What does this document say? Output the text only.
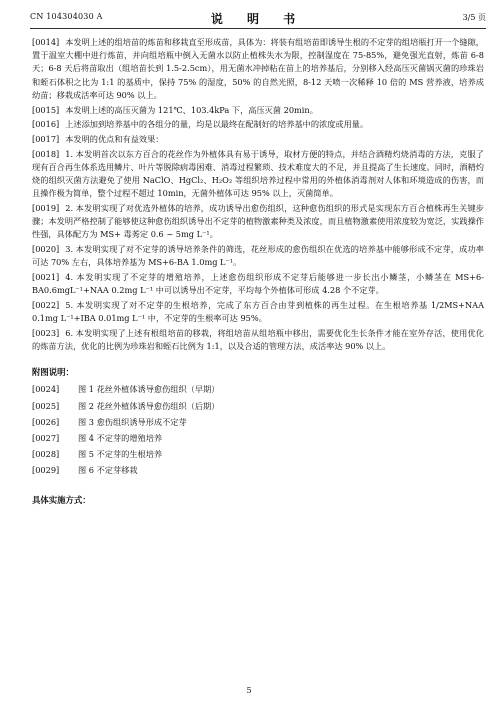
CN 104304030 A	说 明 书	3/5 页

[0014] 本发明上述的组培苗的炼苗和移栽直至形成苗，具体为：将装有组培苗即诱导生根的不定芽的组培瓶打开一个缝隙，置于温室大棚中进行炼苗，并向组培瓶中倒入无菌水以防止植株失水为限，控制湿度在 75-85%，避免强光直射，炼苗 6-8 天；6-8 天后将苗取出（组培苗长到 1.5-2.5cm），用无菌水冲掉粘在苗上的培养基后，分别移入经高压灭菌锅灭菌的珍珠岩和蛭石体积之比为 1:1 的基质中，保持 75% 的湿度，50% 的自然光照，8-12 天喷一次稀释 10 倍的 MS 营养液，培养成幼苗；移栽成活率可达 90% 以上。

[0015] 本发明上述的高压灭菌为 121℃、103.4kPa 下，高压灭菌 20min。

[0016] 上述添加到培养基中的各组分的量，均是以最终在配制好的培养基中的浓度或用量。

[0017] 本发明的优点和有益效果：

[0018] 1. 本发明首次以东方百合的花丝作为外植体具有易于诱导，取材方便的特点，并结合酒精灼烧消毒的方法，克服了现有百合再生体系选用鳞片、叶片等脱除病毒困难、消毒过程繁琐、技术难度大的不足，并且提高了生长速度。同时，酒精灼烧的组织灭菌方法避免了使用 NaClO、HgCl₂、H₂O₂ 等组织培养过程中常用的外植体消毒剂对人体和环境造成的伤害，而且操作极为简单，整个过程不超过 10min，无菌外植体可达 95% 以上，灭菌简单。

[0019] 2. 本发明实现了对优选外植体的培养，成功诱导出愈伤组织，这种愈伤组织的形式是实现东方百合植株再生关键步骤；本发明严格控制了能够使这种愈伤组织诱导出不定芽的植物激素种类及浓度，而且植物激素使用浓度较为宽泛，实践操作性强，具体配方为 MS+ 毒莠定 0.6 ~ 5mg L⁻¹。

[0020] 3. 本发明实现了对不定芽的诱导培养条件的筛选，花丝形成的愈伤组织在优选的培养基中能够形成不定芽，成功率可达 70% 左右，具体培养基为 MS+6-BA 1.0mg L⁻¹。

[0021] 4. 本发明实现了不定芽的增殖培养，上述愈伤组织形成不定芽后能够进一步长出小鳞茎，小鳞茎在 MS+6-BA0.6mgL⁻¹+NAA 0.2mg L⁻¹ 中可以诱导出不定芽，平均每个外植体可形成 4.28 个不定芽。

[0022] 5. 本发明实现了对不定芽的生根培养，完成了东方百合由芽到植株的再生过程。在生根培养基 1/2MS+NAA 0.1mg L⁻¹+IBA 0.01mg L⁻¹ 中，不定芽的生根率可达 95%。

[0023] 6. 本发明实现了上述有根组培苗的移栽，将组培苗从组培瓶中移出，需要优化生长条件才能在室外存活，使用优化的炼苗方法，优化的比例为珍珠岩和蛭石比例为 1:1，以及合适的管理方法，成活率达 90% 以上。

附图说明：
[0024] 图 1 花丝外植体诱导愈伤组织（早期）
[0025] 图 2 花丝外植体诱导愈伤组织（后期）
[0026] 图 3 愈伤组织诱导形成不定芽
[0027] 图 4 不定芽的增殖培养
[0028] 图 5 不定芽的生根培养
[0029] 图 6 不定芽移栽
具体实施方式：
5
